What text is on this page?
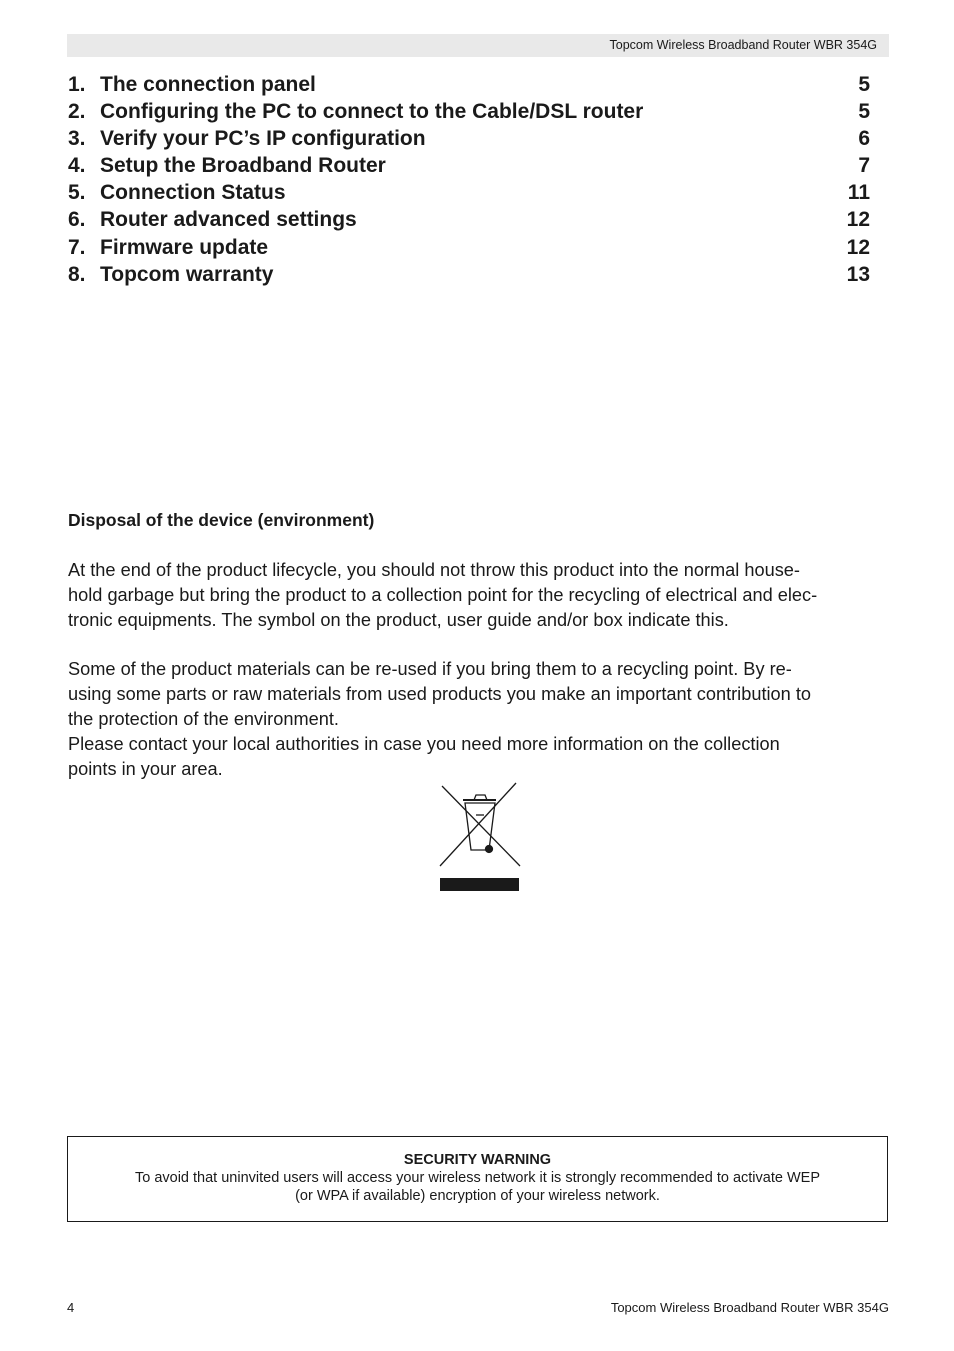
Topcom Wireless Broadband Router WBR 354G
1. The connection panel	5
2. Configuring the PC to connect to the Cable/DSL router	5
3. Verify your PC’s IP configuration	6
4. Setup the Broadband Router	7
5. Connection Status	11
6. Router advanced settings	12
7. Firmware update	12
8. Topcom warranty	13
Disposal of the device (environment)

At the end of the product lifecycle, you should not throw this product into the normal house-
hold garbage but bring the product to a collection point for the recycling of electrical and elec-
tronic equipments. The symbol on the product, user guide and/or box indicate this.

Some of the product materials can be re-used if you bring them to a recycling point. By re-
using some parts or raw materials from used products you make an important contribution to
the protection of the environment.

Please contact your local authorities in case you need more information on the collection
points in your area.

SECURITY WARNING
To avoid that uninvited users will access your wireless network it is strongly recommended to activate WEP
(or WPA if available) encryption of your wireless network.
4	Topcom Wireless Broadband Router WBR 354G
